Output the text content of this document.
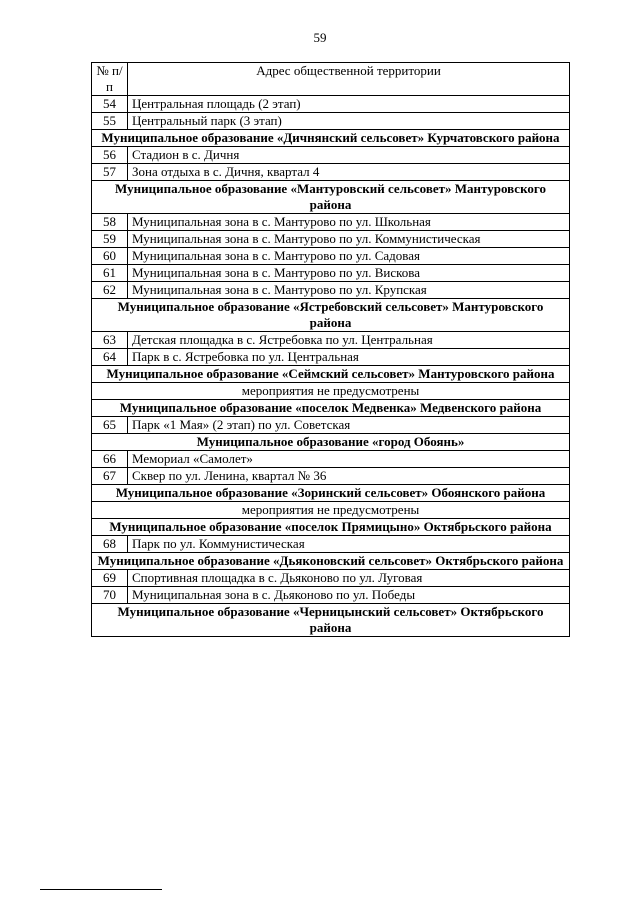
59
№ п/п	Адрес общественной территории
54	Центральная площадь (2 этап)
55	Центральный парк (3 этап)
Муниципальное образование «Дичнянский сельсовет» Курчатовского района	
56	Стадион в с. Дичня
57	Зона отдыха в с. Дичня, квартал 4
Муниципальное образование «Мантуровский сельсовет» Мантуровского района	
58	Муниципальная зона в с. Мантурово по ул. Школьная
59	Муниципальная зона в с. Мантурово по ул. Коммунистическая
60	Муниципальная зона в с. Мантурово по ул. Садовая
61	Муниципальная зона в с. Мантурово по ул. Вискова
62	Муниципальная зона в с. Мантурово по ул. Крупская
Муниципальное образование «Ястребовский сельсовет» Мантуровского района	
63	Детская площадка в с. Ястребовка по ул. Центральная
64	Парк в с. Ястребовка по ул. Центральная
Муниципальное образование «Сеймский сельсовет» Мантуровского района	
мероприятия не предусмотрены	
Муниципальное образование «поселок Медвенка» Медвенского района	
65	Парк «1 Мая» (2 этап) по ул. Советская
Муниципальное образование «город Обоянь»	
66	Мемориал «Самолет»
67	Сквер по ул. Ленина, квартал № 36
Муниципальное образование «Зоринский сельсовет» Обоянского района	
мероприятия не предусмотрены	
Муниципальное образование «поселок Прямицыно» Октябрьского района	
68	Парк по ул. Коммунистическая
Муниципальное образование «Дьяконовский сельсовет» Октябрьского района	
69	Спортивная площадка в с. Дьяконово по ул. Луговая
70	Муниципальная зона в с. Дьяконово по ул. Победы
Муниципальное образование «Черницынский сельсовет» Октябрьского района	
